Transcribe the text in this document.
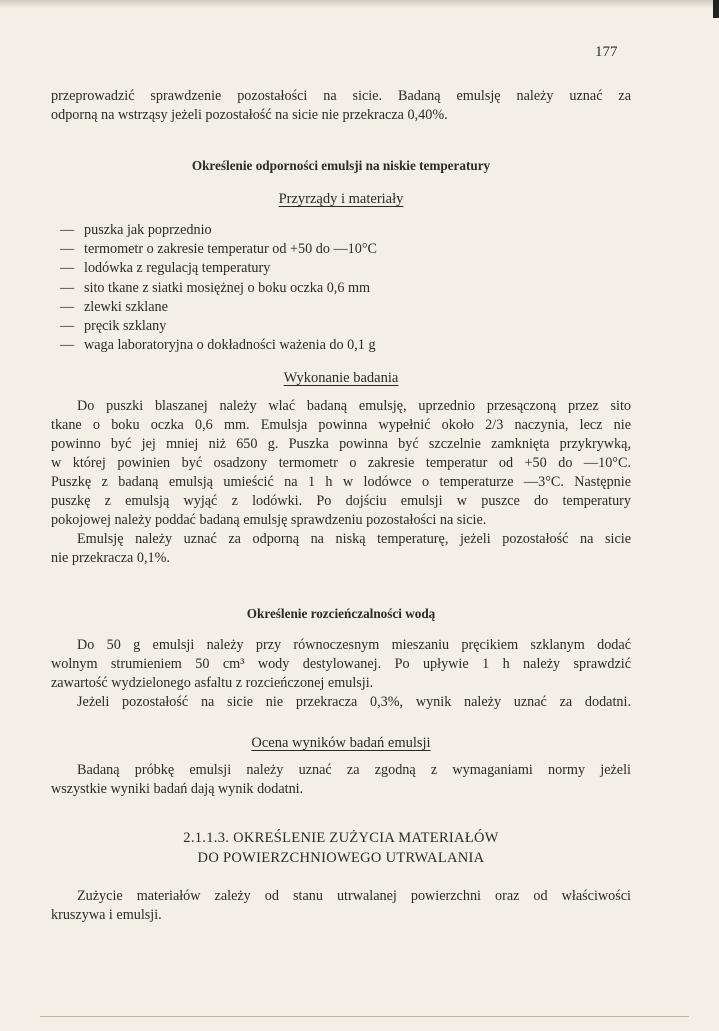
177
przeprowadzić sprawdzenie pozostałości na sicie. Badaną emulsję należy uznać za
odporną na wstrząsy jeżeli pozostałość na sicie nie przekracza 0,40%.
Określenie odporności emulsji na niskie temperatury
Przyrządy i materiały
— puszka jak poprzednio
— termometr o zakresie temperatur od +50 do —10°C
— lodówka z regulacją temperatury
— sito tkane z siatki mosiężnej o boku oczka 0,6 mm
— zlewki szklane
— pręcik szklany
— waga laboratoryjna o dokładności ważenia do 0,1 g
Wykonanie badania
Do puszki blaszanej należy wlać badaną emulsję, uprzednio przesączoną przez sito
tkane o boku oczka 0,6 mm. Emulsja powinna wypełnić około 2/3 naczynia, lecz nie
powinno być jej mniej niż 650 g. Puszka powinna być szczelnie zamknięta przykrywką,
w której powinien być osadzony termometr o zakresie temperatur od +50 do —10°C.
Puszkę z badaną emulsją umieścić na 1 h w lodówce o temperaturze —3°C. Następnie
puszkę z emulsją wyjąć z lodówki. Po dojściu emulsji w puszce do temperatury
pokojowej należy poddać badaną emulsję sprawdzeniu pozostałości na sicie.
Emulsję należy uznać za odporną na niską temperaturę, jeżeli pozostałość na sicie
nie przekracza 0,1%.
Określenie rozcieńczalności wodą
Do 50 g emulsji należy przy równoczesnym mieszaniu pręcikiem szklanym dodać
wolnym strumieniem 50 cm³ wody destylowanej. Po upływie 1 h należy sprawdzić
zawartość wydzielonego asfaltu z rozcieńczonej emulsji.
Jeżeli pozostałość na sicie nie przekracza 0,3%, wynik należy uznać za dodatni.
Ocena wyników badań emulsji
Badaną próbkę emulsji należy uznać za zgodną z wymaganiami normy jeżeli
wszystkie wyniki badań dają wynik dodatni.
2.1.1.3. OKREŚLENIE ZUŻYCIA MATERIAŁÓW
DO POWIERZCHNIOWEGO UTRWALANIA
Zużycie materiałów zależy od stanu utrwalanej powierzchni oraz od właściwości
kruszywa i emulsji.
